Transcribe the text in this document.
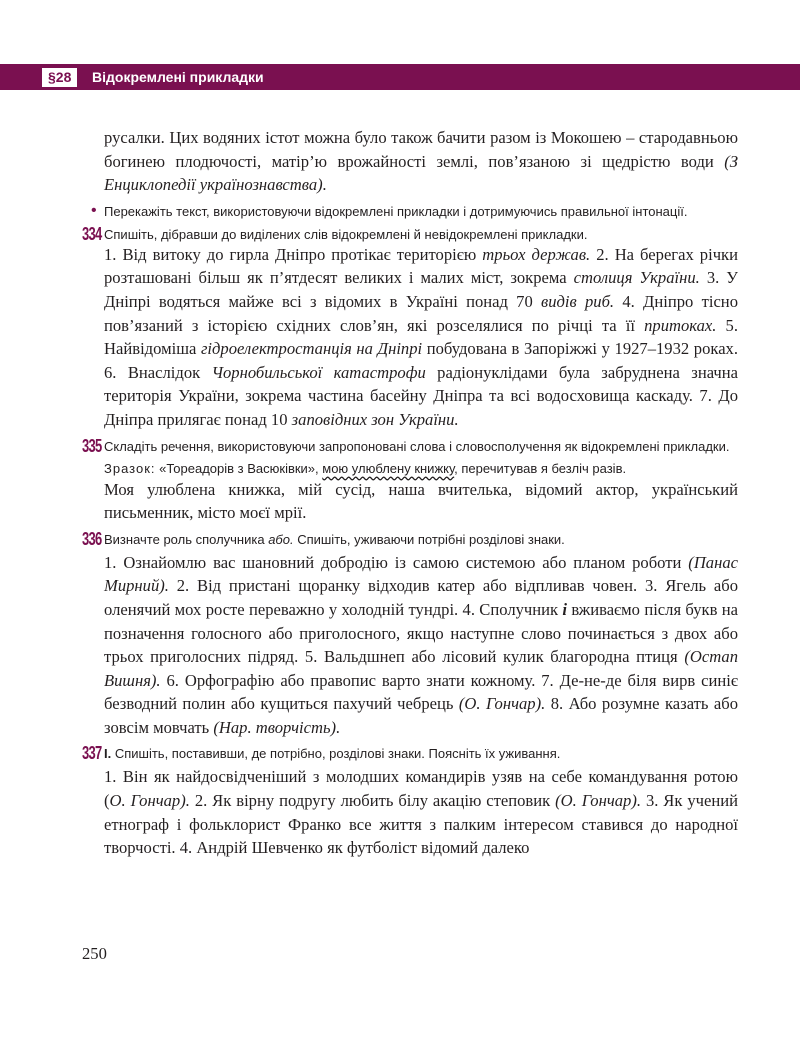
§28	Відокремлені прикладки

русалки. Цих водяних істот можна було також бачити разом із Мокошею – стародавньою богинею плодючості, матір’ю врожайності землі, пов’язаною зі щедрістю води (З Енциклопедії українознавства).

• Перекажіть текст, використовуючи відокремлені прикладки і дотримуючись правильної інтонації.

334 Спишіть, дібравши до виділених слів відокремлені й невідокремлені прикладки.

1. Від витоку до гирла Дніпро протікає територією трьох держав. 2. На берегах річки розташовані більш як п’ятдесят великих і малих міст, зокрема столиця України. 3. У Дніпрі водяться майже всі з відомих в Україні понад 70 видів риб. 4. Дніпро тісно пов’язаний з історією східних слов’ян, які розселялися по річці та її притоках. 5. Найвідоміша гідроелектростанція на Дніпрі побудована в Запоріжжі у 1927–1932 роках. 6. Внаслідок Чорнобильської катастрофи радіонуклідами була забруднена значна територія України, зокрема частина басейну Дніпра та всі водосховища каскаду. 7. До Дніпра прилягає понад 10 заповідних зон України.

335 Складіть речення, використовуючи запропоновані слова і словосполучення як відокремлені прикладки.

Зразок: «Тореадорів з Васюківки», мою улюблену книжку, перечитував я безліч разів.

Моя улюблена книжка, мій сусід, наша вчителька, відомий актор, український письменник, місто моєї мрії.

336 Визначте роль сполучника або. Спишіть, уживаючи потрібні розділові знаки.

1. Ознайомлю вас шановний добродію із самою системою або планом роботи (Панас Мирний). 2. Від пристані щоранку відходив катер або відпливав човен. 3. Ягель або оленячий мох росте переважно у холодній тундрі. 4. Сполучник і вживаємо після букв на позначення голосного або приголосного, якщо наступне слово починається з двох або трьох приголосних підряд. 5. Вальдшнеп або лісовий кулик благородна птиця (Остап Вишня). 6. Орфографію або правопис варто знати кожному. 7. Де-не-де біля вирв синіє безводний полин або кущиться пахучий чебрець (О. Гончар). 8. Або розумне казать або зовсім мовчать (Нар. творчість).

337 I. Спишіть, поставивши, де потрібно, розділові знаки. Поясніть їх уживання.

1. Він як найдосвідченіший з молодших командирів узяв на себе командування ротою (О. Гончар). 2. Як вірну подругу любить білу акацію степовик (О. Гончар). 3. Як учений етнограф і фольклорист Франко все життя з палким інтересом ставився до народної творчості. 4. Андрій Шевченко як футболіст відомий далеко

250
